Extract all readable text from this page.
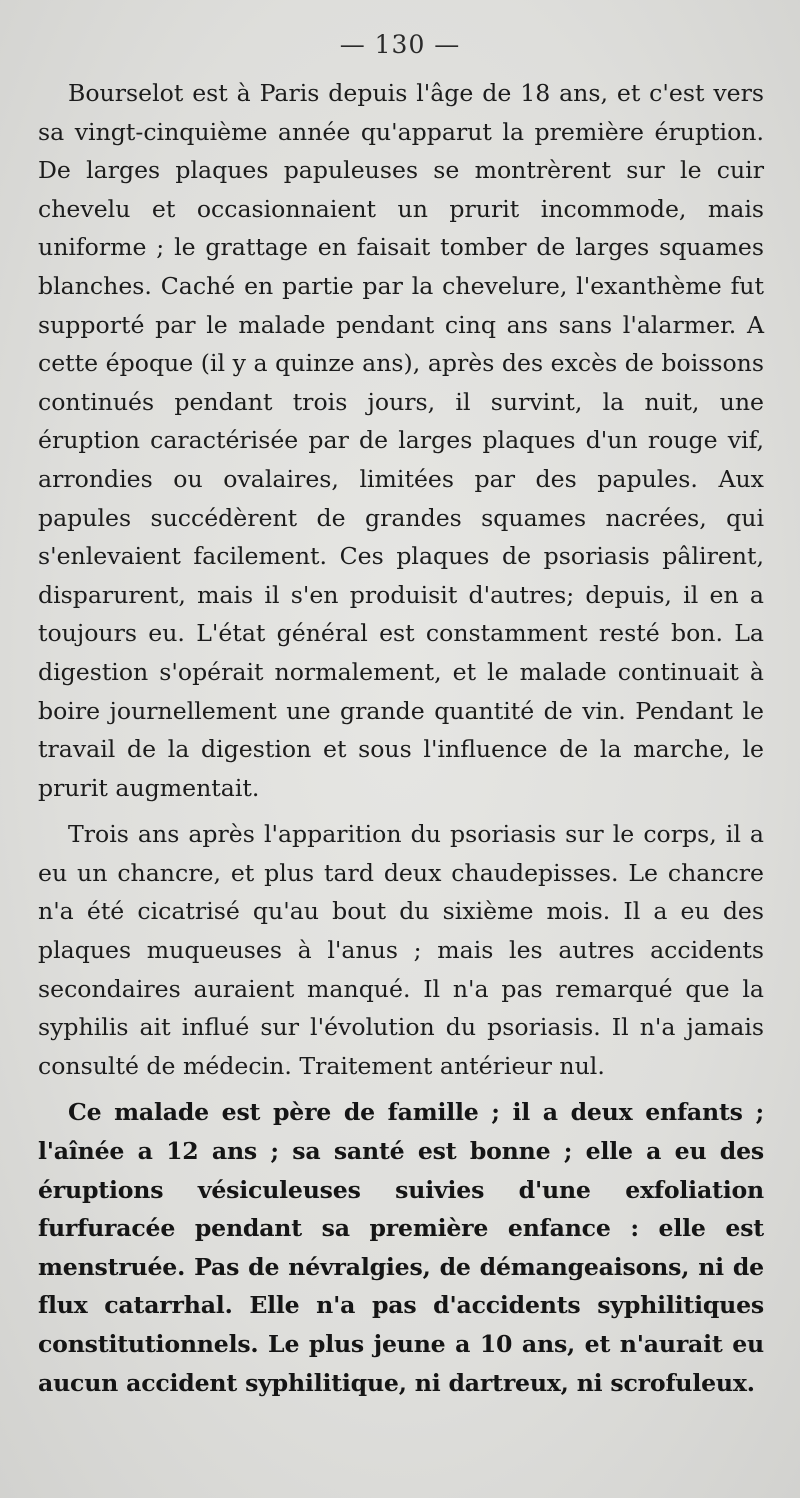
— 130 —

Bourselot est à Paris depuis l'âge de 18 ans, et c'est vers sa vingt-cinquième année qu'apparut la première éruption. De larges plaques papuleuses se montrèrent sur le cuir chevelu et occasionnaient un prurit incommode, mais uniforme ; le grattage en faisait tomber de larges squames blanches. Caché en partie par la chevelure, l'exanthème fut supporté par le malade pendant cinq ans sans l'alarmer. A cette époque (il y a quinze ans), après des excès de boissons continués pendant trois jours, il survint, la nuit, une éruption caractérisée par de larges plaques d'un rouge vif, arrondies ou ovalaires, limitées par des papules. Aux papules succédèrent de grandes squames nacrées, qui s'enlevaient facilement. Ces plaques de psoriasis pâlirent, disparurent, mais il s'en produisit d'autres; depuis, il en a toujours eu. L'état général est constamment resté bon. La digestion s'opérait normalement, et le malade continuait à boire journellement une grande quantité de vin. Pendant le travail de la digestion et sous l'influence de la marche, le prurit augmentait.

Trois ans après l'apparition du psoriasis sur le corps, il a eu un chancre, et plus tard deux chaudepisses. Le chancre n'a été cicatrisé qu'au bout du sixième mois. Il a eu des plaques muqueuses à l'anus ; mais les autres accidents secondaires auraient manqué. Il n'a pas remarqué que la syphilis ait influé sur l'évolution du psoriasis. Il n'a jamais consulté de médecin. Traitement antérieur nul.

Ce malade est père de famille ; il a deux enfants ; l'aînée a 12 ans ; sa santé est bonne ; elle a eu des éruptions vésiculeuses suivies d'une exfoliation furfuracée pendant sa première enfance : elle est menstruée. Pas de névralgies, de démangeaisons, ni de flux catarrhal. Elle n'a pas d'accidents syphilitiques constitutionnels. Le plus jeune a 10 ans, et n'aurait eu aucun accident syphilitique, ni dartreux, ni scrofuleux.
